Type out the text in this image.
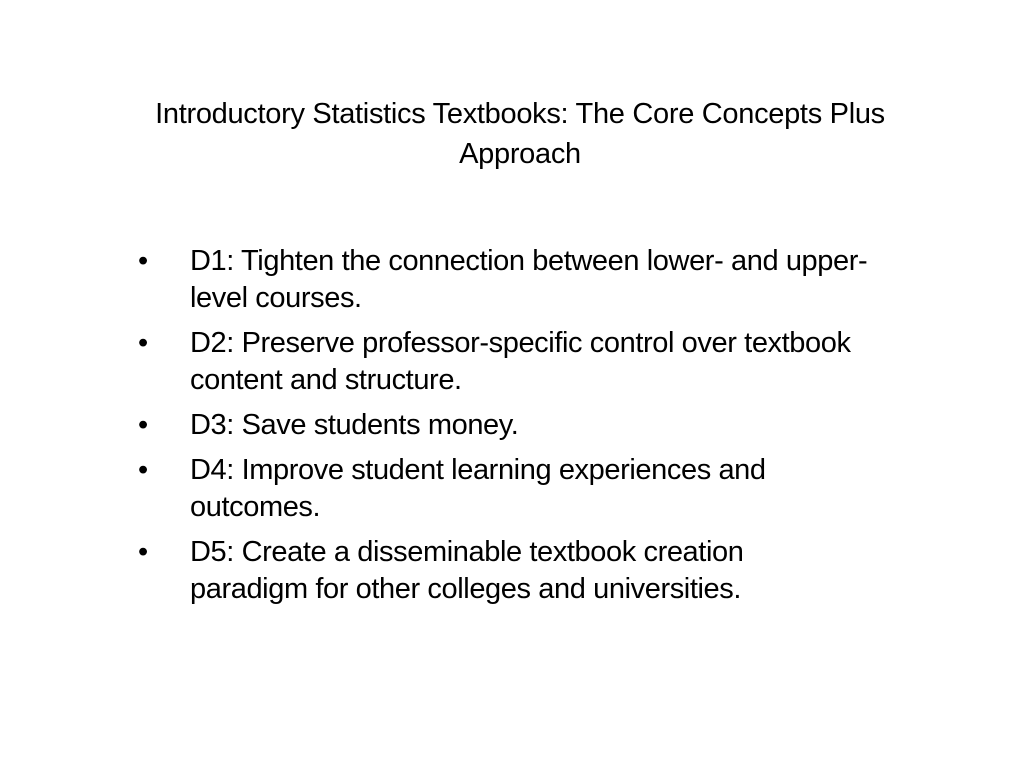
Introductory Statistics Textbooks: The Core Concepts Plus Approach
•	D1: Tighten the connection between lower- and upper-level courses.
•	D2: Preserve professor-specific control over textbook content and structure.
•	D3: Save students money.
•	D4: Improve student learning experiences and outcomes.
•	D5: Create a disseminable textbook creation paradigm for other colleges and universities.
